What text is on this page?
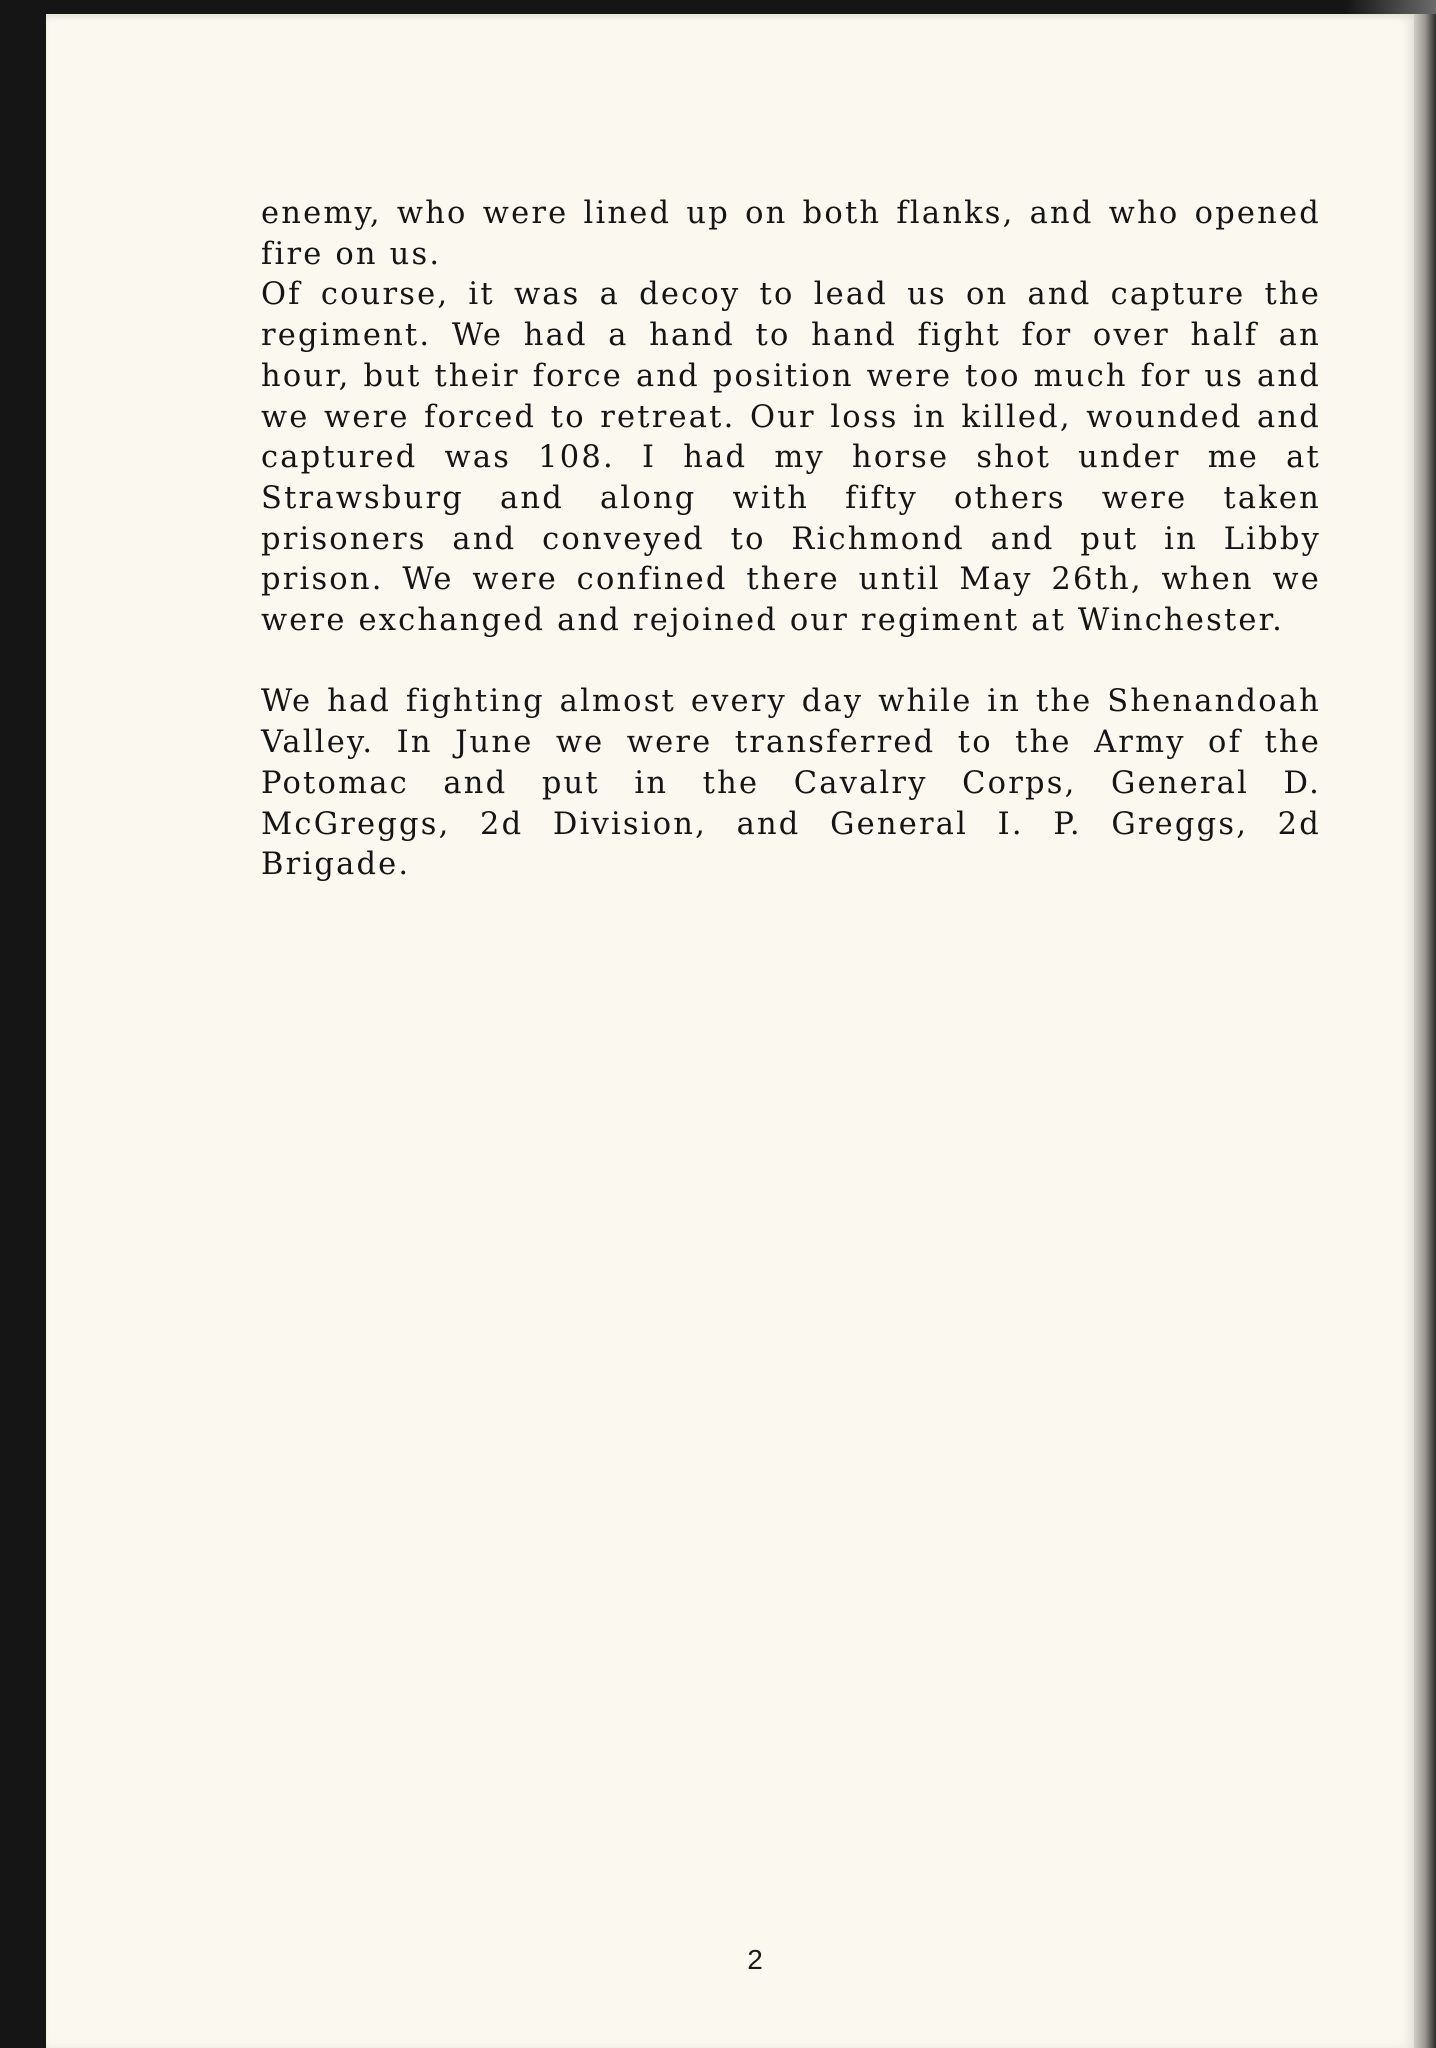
enemy, who were lined up on both flanks, and who opened fire on us.

Of course, it was a decoy to lead us on and capture the regiment. We had a hand to hand fight for over half an hour, but their force and position were too much for us and we were forced to retreat. Our loss in killed, wounded and captured was 108. I had my horse shot under me at Strawsburg and along with fifty others were taken prisoners and conveyed to Richmond and put in Libby prison. We were confined there until May 26th, when we were exchanged and rejoined our regiment at Winchester.

We had fighting almost every day while in the Shenandoah Valley. In June we were transferred to the Army of the Potomac and put in the Cavalry Corps, General D. McGreggs, 2d Division, and General I. P. Greggs, 2d Brigade.

2
